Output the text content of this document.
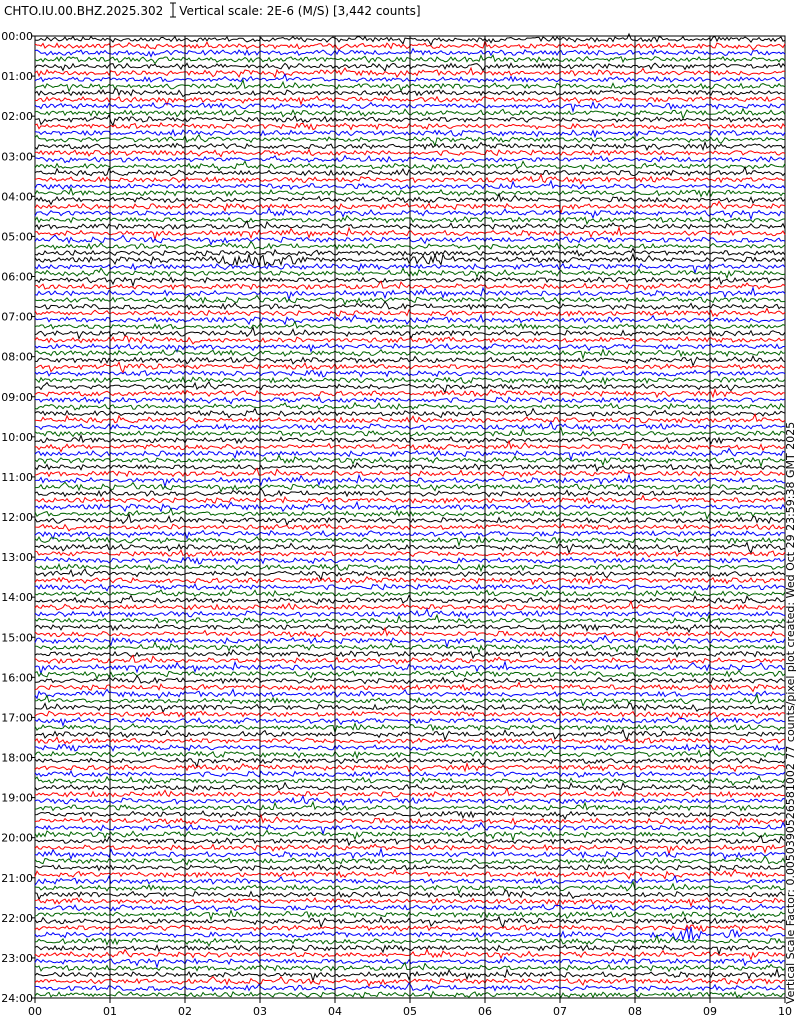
CHTO.IU.00.BHZ.2025.302 Vertical scale: 2E-6 (M/S) [3,442 counts]
00	01	02	03	04	05	06	07	08	09	10
00:00
01:00
02:00
03:00
04:00
05:00
06:00
07:00
08:00
09:00
10:00
11:00
12:00
13:00
14:00
15:00
16:00
17:00
18:00
19:00
20:00
21:00
22:00
23:00
24:00	Vertical Scale Factor: 0.0050390526581002 77 counts/pixel plot created: Wed Oct 29 23:59:38 GMT 2025
